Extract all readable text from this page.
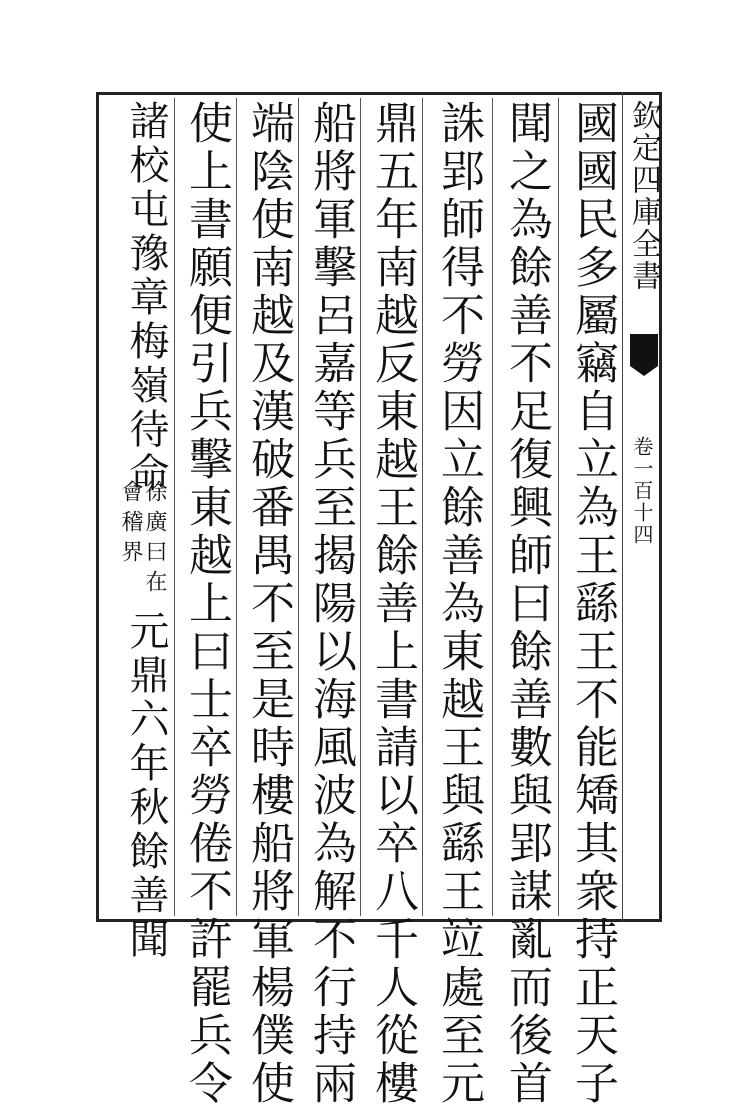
欽定四庫全書
卷一百十四
國國民多屬竊自立為王繇王不能矯其衆持正天子
聞之為餘善不足復興師曰餘善數與郢謀亂而後首
誅郢師得不勞因立餘善為東越王與繇王竝處至元
鼎五年南越反東越王餘善上書請以卒八千人從樓
船將軍擊呂嘉等兵至揭陽以海風波為解不行持兩
端陰使南越及漢破番禺不至是時樓船將軍楊僕使
使上書願便引兵擊東越上曰士卒勞倦不許罷兵令
諸校屯豫章梅嶺待命
徐廣曰在
會稽界
元鼎六年秋餘善聞
